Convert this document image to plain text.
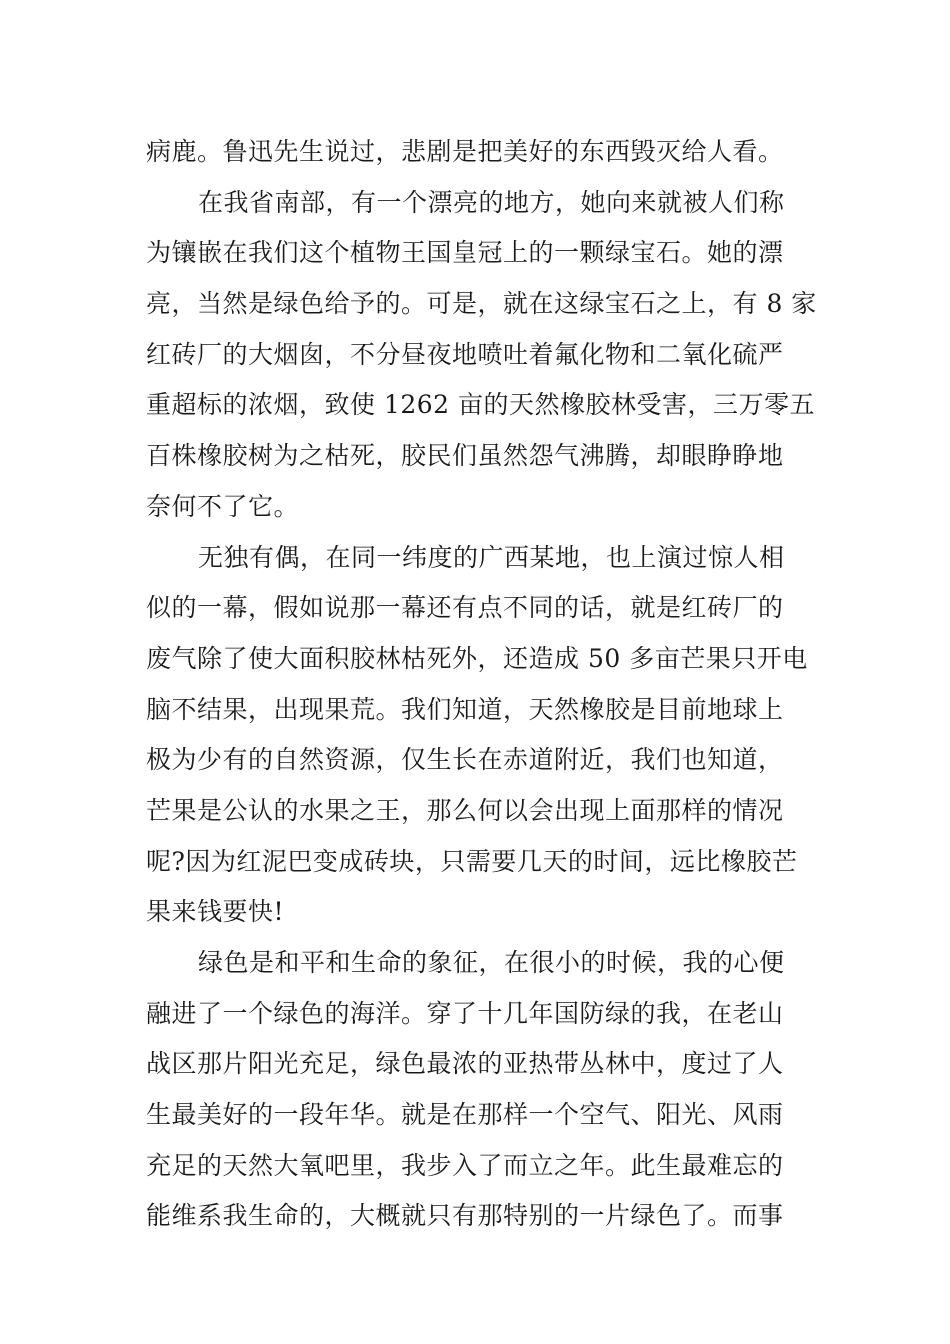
病鹿。鲁迅先生说过，悲剧是把美好的东西毁灭给人看。
在我省南部，有一个漂亮的地方，她向来就被人们称
为镶嵌在我们这个植物王国皇冠上的一颗绿宝石。她的漂
亮，当然是绿色给予的。可是，就在这绿宝石之上，有 8 家
红砖厂的大烟囱，不分昼夜地喷吐着氟化物和二氧化硫严
重超标的浓烟，致使 1262 亩的天然橡胶林受害，三万零五
百株橡胶树为之枯死，胶民们虽然怨气沸腾，却眼睁睁地
奈何不了它。
无独有偶，在同一纬度的广西某地，也上演过惊人相
似的一幕，假如说那一幕还有点不同的话，就是红砖厂的
废气除了使大面积胶林枯死外，还造成 50 多亩芒果只开电
脑不结果，出现果荒。我们知道，天然橡胶是目前地球上
极为少有的自然资源，仅生长在赤道附近，我们也知道，
芒果是公认的水果之王，那么何以会出现上面那样的情况
呢?因为红泥巴变成砖块，只需要几天的时间，远比橡胶芒
果来钱要快!
绿色是和平和生命的象征，在很小的时候，我的心便
融进了一个绿色的海洋。穿了十几年国防绿的我，在老山
战区那片阳光充足，绿色最浓的亚热带丛林中，度过了人
生最美好的一段年华。就是在那样一个空气、阳光、风雨
充足的天然大氧吧里，我步入了而立之年。此生最难忘的
能维系我生命的，大概就只有那特别的一片绿色了。而事
